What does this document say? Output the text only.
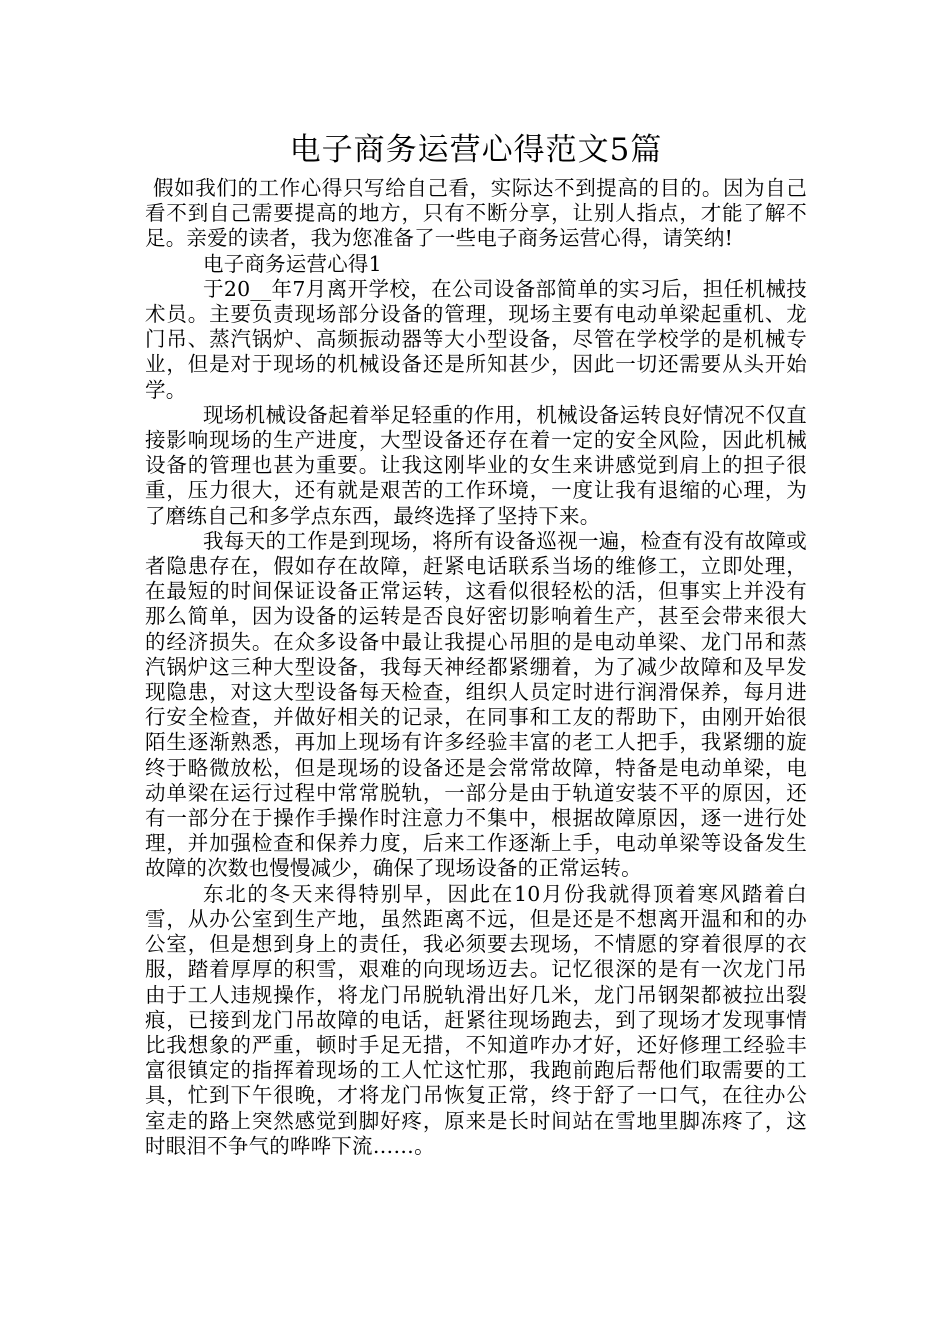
电子商务运营心得范文5篇

假如我们的工作心得只写给自己看，实际达不到提高的目的。因为自己看不到自己需要提高的地方，只有不断分享，让别人指点，才能了解不足。亲爱的读者，我为您准备了一些电子商务运营心得，请笑纳!

电子商务运营心得1

于20__年7月离开学校，在公司设备部简单的实习后，担任机械技术员。主要负责现场部分设备的管理，现场主要有电动单梁起重机、龙门吊、蒸汽锅炉、高频振动器等大小型设备，尽管在学校学的是机械专业，但是对于现场的机械设备还是所知甚少，因此一切还需要从头开始学。

现场机械设备起着举足轻重的作用，机械设备运转良好情况不仅直接影响现场的生产进度，大型设备还存在着一定的安全风险，因此机械设备的管理也甚为重要。让我这刚毕业的女生来讲感觉到肩上的担子很重，压力很大，还有就是艰苦的工作环境，一度让我有退缩的心理，为了磨练自己和多学点东西，最终选择了坚持下来。

我每天的工作是到现场，将所有设备巡视一遍，检查有没有故障或者隐患存在，假如存在故障，赶紧电话联系当场的维修工，立即处理，在最短的时间保证设备正常运转，这看似很轻松的活，但事实上并没有那么简单，因为设备的运转是否良好密切影响着生产，甚至会带来很大的经济损失。在众多设备中最让我提心吊胆的是电动单梁、龙门吊和蒸汽锅炉这三种大型设备，我每天神经都紧绷着，为了减少故障和及早发现隐患，对这大型设备每天检查，组织人员定时进行润滑保养，每月进行安全检查，并做好相关的记录，在同事和工友的帮助下，由刚开始很陌生逐渐熟悉，再加上现场有许多经验丰富的老工人把手，我紧绷的旋终于略微放松，但是现场的设备还是会常常故障，特备是电动单梁，电动单梁在运行过程中常常脱轨，一部分是由于轨道安装不平的原因，还有一部分在于操作手操作时注意力不集中，根据故障原因，逐一进行处理，并加强检查和保养力度，后来工作逐渐上手，电动单梁等设备发生故障的次数也慢慢减少，确保了现场设备的正常运转。

东北的冬天来得特别早，因此在10月份我就得顶着寒风踏着白雪，从办公室到生产地，虽然距离不远，但是还是不想离开温和和的办公室，但是想到身上的责任，我必须要去现场，不情愿的穿着很厚的衣服，踏着厚厚的积雪，艰难的向现场迈去。记忆很深的是有一次龙门吊由于工人违规操作，将龙门吊脱轨滑出好几米，龙门吊钢架都被拉出裂痕，已接到龙门吊故障的电话，赶紧往现场跑去，到了现场才发现事情比我想象的严重，顿时手足无措，不知道咋办才好，还好修理工经验丰富很镇定的指挥着现场的工人忙这忙那，我跑前跑后帮他们取需要的工具，忙到下午很晚，才将龙门吊恢复正常，终于舒了一口气，在往办公室走的路上突然感觉到脚好疼，原来是长时间站在雪地里脚冻疼了，这时眼泪不争气的哗哗下流……。
